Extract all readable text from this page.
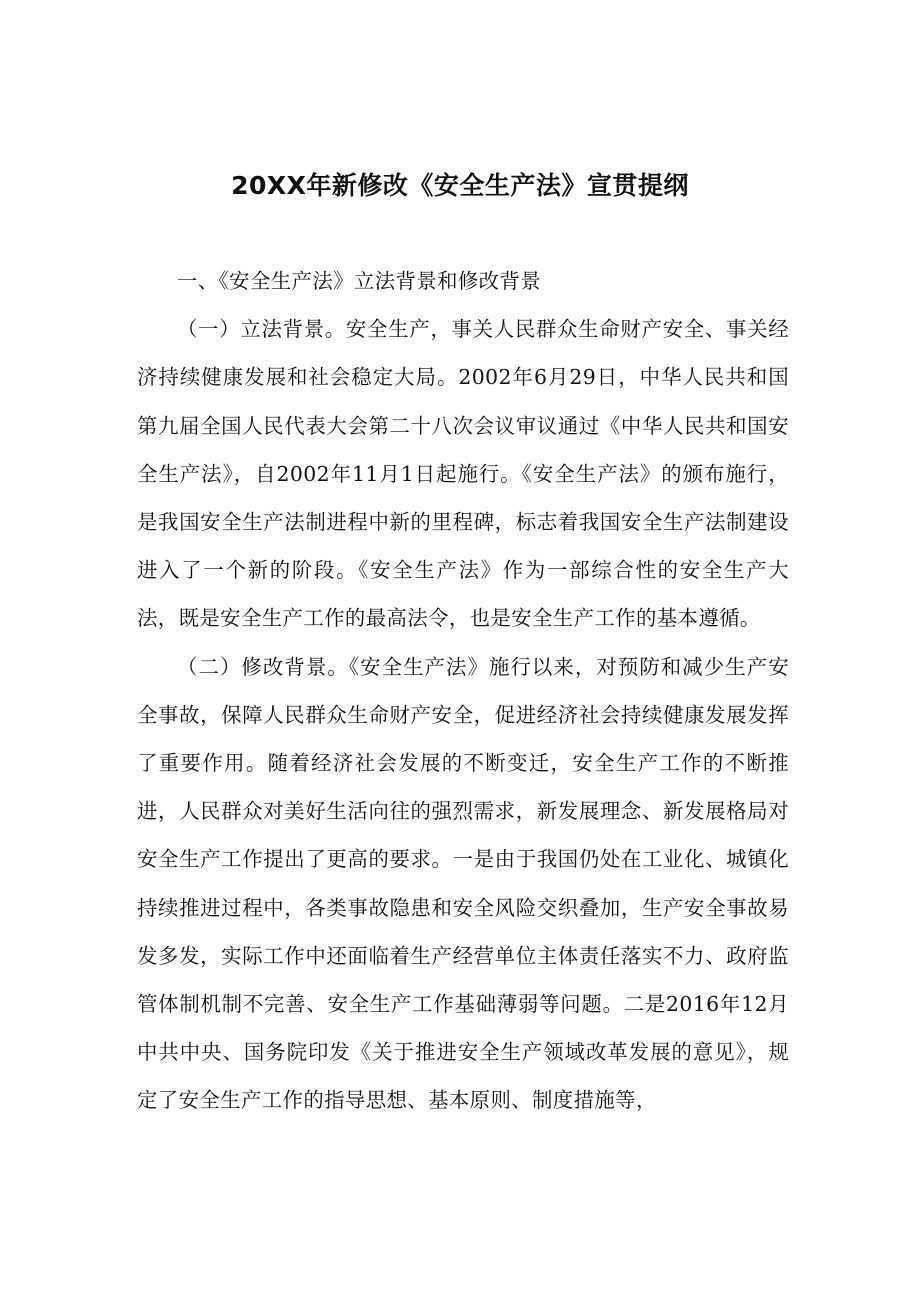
20XX年新修改《安全生产法》宣贯提纲
一、《安全生产法》立法背景和修改背景

（一）立法背景。安全生产，事关人民群众生命财产安全、事关经济持续健康发展和社会稳定大局。2002年6月29日，中华人民共和国第九届全国人民代表大会第二十八次会议审议通过《中华人民共和国安全生产法》，自2002年11月1日起施行。《安全生产法》的颁布施行，是我国安全生产法制进程中新的里程碑，标志着我国安全生产法制建设进入了一个新的阶段。《安全生产法》作为一部综合性的安全生产大法，既是安全生产工作的最高法令，也是安全生产工作的基本遵循。

（二）修改背景。《安全生产法》施行以来，对预防和减少生产安全事故，保障人民群众生命财产安全，促进经济社会持续健康发展发挥了重要作用。随着经济社会发展的不断变迁，安全生产工作的不断推进，人民群众对美好生活向往的强烈需求，新发展理念、新发展格局对安全生产工作提出了更高的要求。一是由于我国仍处在工业化、城镇化持续推进过程中，各类事故隐患和安全风险交织叠加，生产安全事故易发多发，实际工作中还面临着生产经营单位主体责任落实不力、政府监管体制机制不完善、安全生产工作基础薄弱等问题。二是2016年12月中共中央、国务院印发《关于推进安全生产领域改革发展的意见》，规定了安全生产工作的指导思想、基本原则、制度措施等，
